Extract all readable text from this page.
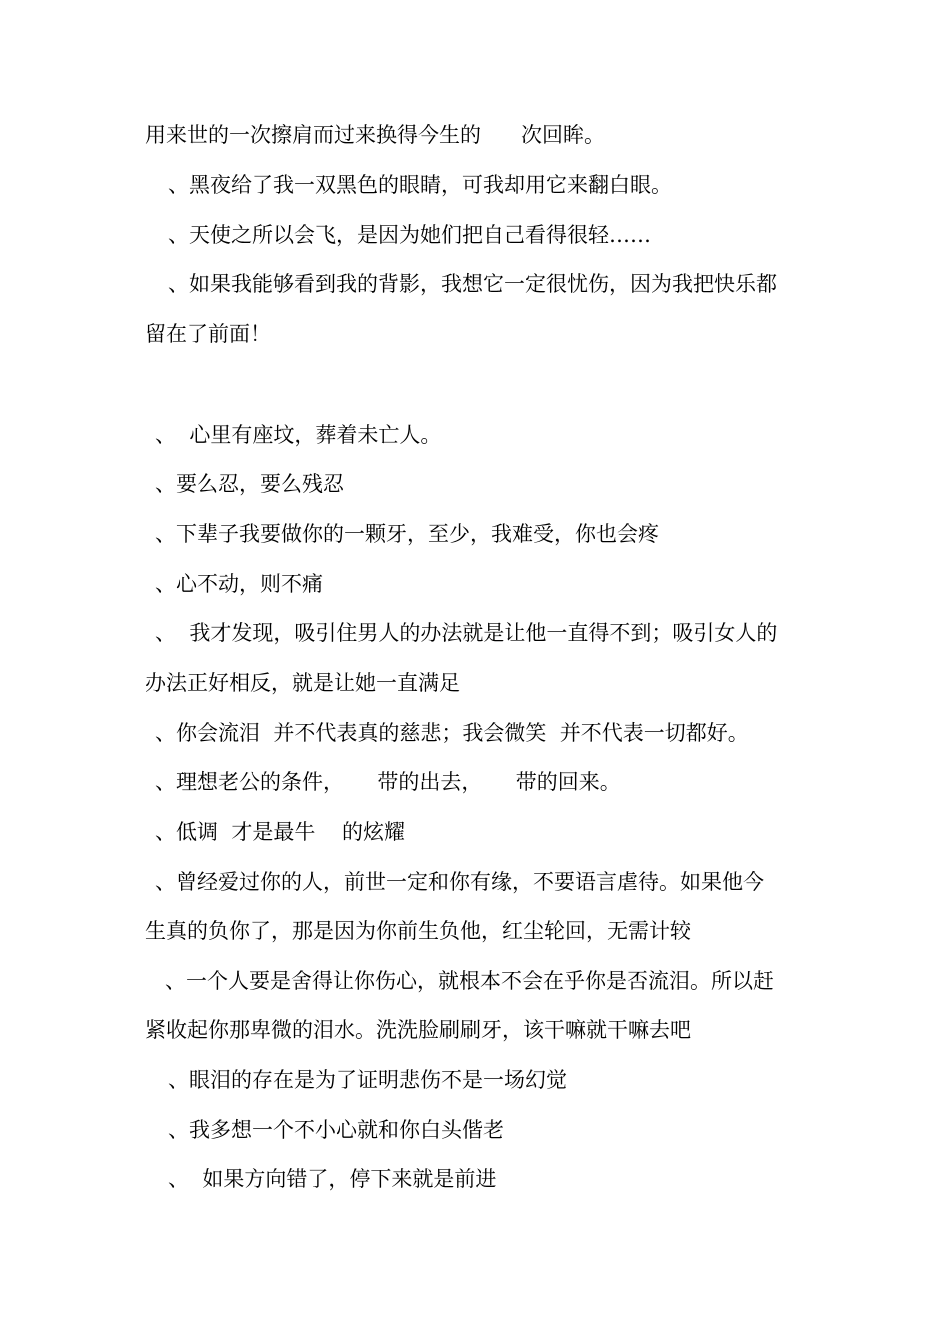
用来世的一次擦肩而过来换得今生的      次回眸。
、黑夜给了我一双黑色的眼睛，可我却用它来翻白眼。
、天使之所以会飞，是因为她们把自己看得很轻……
、如果我能够看到我的背影，我想它一定很忧伤，因为我把快乐都
留在了前面！
、  心里有座坟，葬着未亡人。
、要么忍，要么残忍
、下辈子我要做你的一颗牙，至少，我难受，你也会疼
、心不动，则不痛
、  我才发现，吸引住男人的办法就是让他一直得不到；吸引女人的
办法正好相反，就是让她一直满足
、你会流泪  并不代表真的慈悲；我会微笑  并不代表一切都好。
、理想老公的条件，     带的出去，     带的回来。
、低调  才是最牛    的炫耀
、曾经爱过你的人，前世一定和你有缘，不要语言虐待。如果他今
生真的负你了，那是因为你前生负他，红尘轮回，无需计较
、一个人要是舍得让你伤心，就根本不会在乎你是否流泪。所以赶
紧收起你那卑微的泪水。洗洗脸刷刷牙，该干嘛就干嘛去吧
、眼泪的存在是为了证明悲伤不是一场幻觉
、我多想一个不小心就和你白头偕老
、  如果方向错了，停下来就是前进
